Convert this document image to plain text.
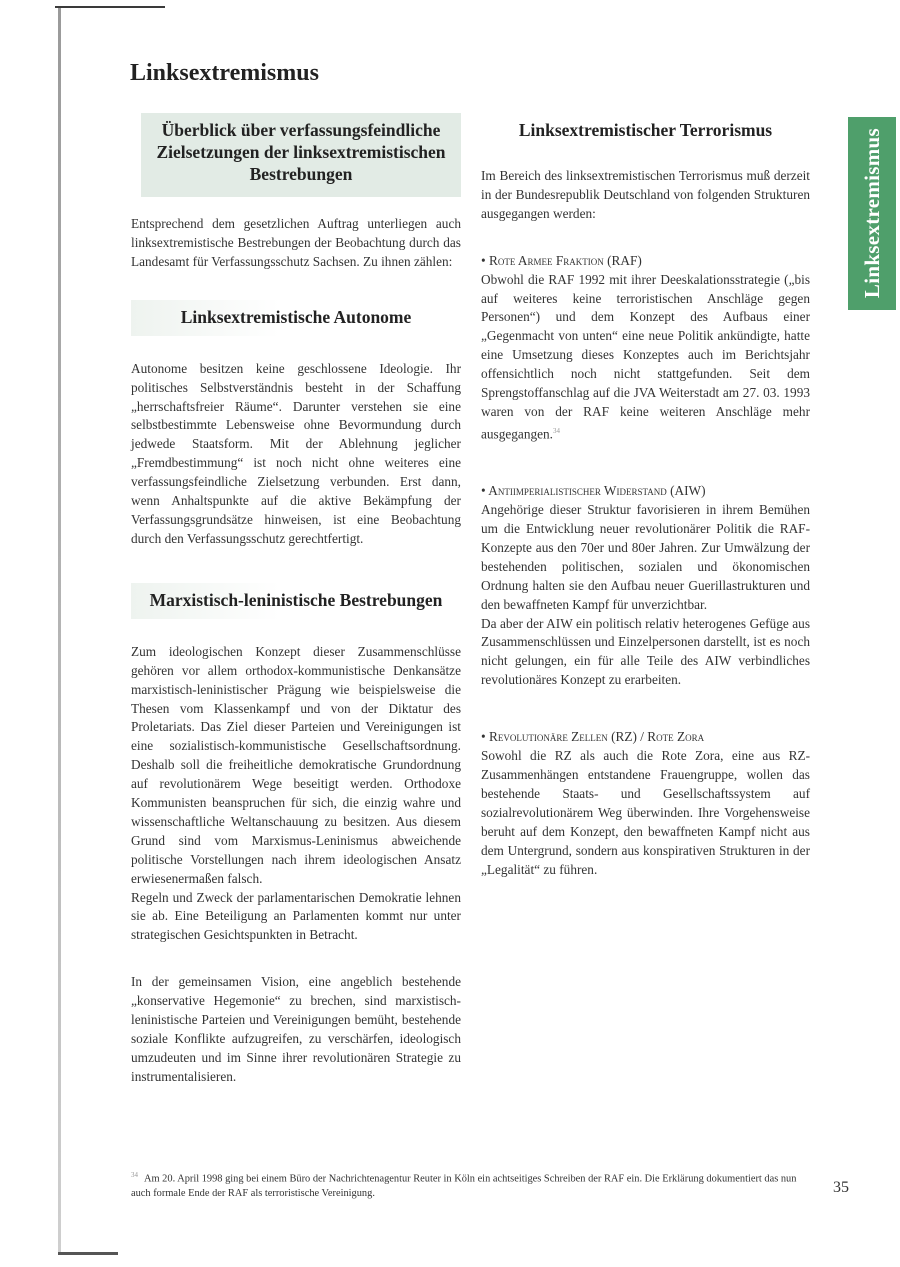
Linksextremismus
Linksextremismus
Überblick über verfassungsfeindliche Zielsetzungen der linksextremistischen Bestrebungen

Entsprechend dem gesetzlichen Auftrag unterliegen auch linksextremistische Bestrebungen der Beobachtung durch das Landesamt für Verfassungsschutz Sachsen. Zu ihnen zählen:

Linksextremistische Autonome

Autonome besitzen keine geschlossene Ideologie. Ihr politisches Selbstverständnis besteht in der Schaffung „herrschaftsfreier Räume“. Darunter verstehen sie eine selbstbestimmte Lebensweise ohne Bevormundung durch jedwede Staatsform. Mit der Ablehnung jeglicher „Fremdbestimmung“ ist noch nicht ohne weiteres eine verfassungsfeindliche Zielsetzung verbunden. Erst dann, wenn Anhaltspunkte auf die aktive Bekämpfung der Verfassungsgrundsätze hinweisen, ist eine Beobachtung durch den Verfassungsschutz gerechtfertigt.

Marxistisch-leninistische Bestrebungen

Zum ideologischen Konzept dieser Zusammenschlüsse gehören vor allem orthodox-kommunistische Denkansätze marxistisch-leninistischer Prägung wie beispielsweise die Thesen vom Klassenkampf und von der Diktatur des Proletariats. Das Ziel dieser Parteien und Vereinigungen ist eine sozialistisch-kommunistische Gesellschaftsordnung. Deshalb soll die freiheitliche demokratische Grundordnung auf revolutionärem Wege beseitigt werden. Orthodoxe Kommunisten beanspruchen für sich, die einzig wahre und wissenschaftliche Weltanschauung zu besitzen. Aus diesem Grund sind vom Marxismus-Leninismus abweichende politische Vorstellungen nach ihrem ideologischen Ansatz erwiesenermaßen falsch.

Regeln und Zweck der parlamentarischen Demokratie lehnen sie ab. Eine Beteiligung an Parlamenten kommt nur unter strategischen Gesichtspunkten in Betracht.

In der gemeinsamen Vision, eine angeblich bestehende „konservative Hegemonie“ zu brechen, sind marxistisch-leninistische Parteien und Vereinigungen bemüht, bestehende soziale Konflikte aufzugreifen, zu verschärfen, ideologisch umzudeuten und im Sinne ihrer revolutionären Strategie zu instrumentalisieren.

Linksextremistischer Terrorismus

Im Bereich des linksextremistischen Terrorismus muß derzeit in der Bundesrepublik Deutschland von folgenden Strukturen ausgegangen werden:

• Rote Armee Fraktion (RAF)

Obwohl die RAF 1992 mit ihrer Deeskalationsstrategie („bis auf weiteres keine terroristischen Anschläge gegen Personen“) und dem Konzept des Aufbaus einer „Gegenmacht von unten“ eine neue Politik ankündigte, hatte eine Umsetzung dieses Konzeptes auch im Berichtsjahr offensichtlich noch nicht stattgefunden. Seit dem Sprengstoffanschlag auf die JVA Weiterstadt am 27. 03. 1993 waren von der RAF keine weiteren Anschläge mehr ausgegangen.$^{34}$

• Antiimperialistischer Widerstand (AIW)

Angehörige dieser Struktur favorisieren in ihrem Bemühen um die Entwicklung neuer revolutionärer Politik die RAF-Konzepte aus den 70er und 80er Jahren. Zur Umwälzung der bestehenden politischen, sozialen und ökonomischen Ordnung halten sie den Aufbau neuer Guerillastrukturen und den bewaffneten Kampf für unverzichtbar.

Da aber der AIW ein politisch relativ heterogenes Gefüge aus Zusammenschlüssen und Einzelpersonen darstellt, ist es noch nicht gelungen, ein für alle Teile des AIW verbindliches revolutionäres Konzept zu erarbeiten.

• Revolutionäre Zellen (RZ) / Rote Zora

Sowohl die RZ als auch die Rote Zora, eine aus RZ-Zusammenhängen entstandene Frauengruppe, wollen das bestehende Staats- und Gesellschaftssystem auf sozialrevolutionärem Weg überwinden. Ihre Vorgehensweise beruht auf dem Konzept, den bewaffneten Kampf nicht aus dem Untergrund, sondern aus konspirativen Strukturen in der „Legalität“ zu führen.

$^{34}$ Am 20. April 1998 ging bei einem Büro der Nachrichtenagentur Reuter in Köln ein achtseitiges Schreiben der RAF ein. Die Erklärung dokumentiert das nun auch formale Ende der RAF als terroristische Vereinigung.	35
